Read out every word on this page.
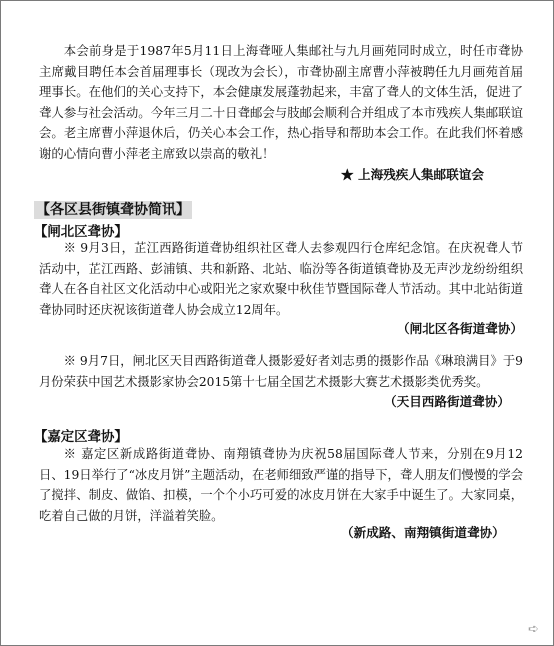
本会前身是于1987年5月11日上海聋哑人集邮社与九月画苑同时成立，时任市聋协主席戴目聘任本会首届理事长（现改为会长），市聋协副主席曹小萍被聘任九月画苑首届理事长。在他们的关心支持下，本会健康发展蓬勃起来，丰富了聋人的文体生活，促进了聋人参与社会活动。今年三月二十日聋邮会与肢邮会顺利合并组成了本市残疾人集邮联谊会。老主席曹小萍退休后，仍关心本会工作，热心指导和帮助本会工作。在此我们怀着感谢的心情向曹小萍老主席致以崇高的敬礼！

★ 上海残疾人集邮联谊会
【各区县街镇聋协简讯】
【闸北区聋协】

※ 9月3日，芷江西路街道聋协组织社区聋人去参观四行仓库纪念馆。在庆祝聋人节活动中，芷江西路、彭浦镇、共和新路、北站、临汾等各街道镇聋协及无声沙龙纷纷组织聋人在各自社区文化活动中心或阳光之家欢聚中秋佳节暨国际聋人节活动。其中北站街道聋协同时还庆祝该街道聋人协会成立12周年。

（闸北区各街道聋协）

※ 9月7日，闸北区天目西路街道聋人摄影爱好者刘志勇的摄影作品《琳琅满目》于9月份荣获中国艺术摄影家协会2015第十七届全国艺术摄影大赛艺术摄影类优秀奖。

（天目西路街道聋协）
【嘉定区聋协】

※ 嘉定区新成路街道聋协、南翔镇聋协为庆祝58届国际聋人节来，分别在9月12日、19日举行了“冰皮月饼”主题活动，在老师细致严谨的指导下，聋人朋友们慢慢的学会了搅拌、制皮、做馅、扣模，一个个小巧可爱的冰皮月饼在大家手中诞生了。大家同桌，吃着自己做的月饼，洋溢着笑脸。

（新成路、南翔镇街道聋协）
➪
